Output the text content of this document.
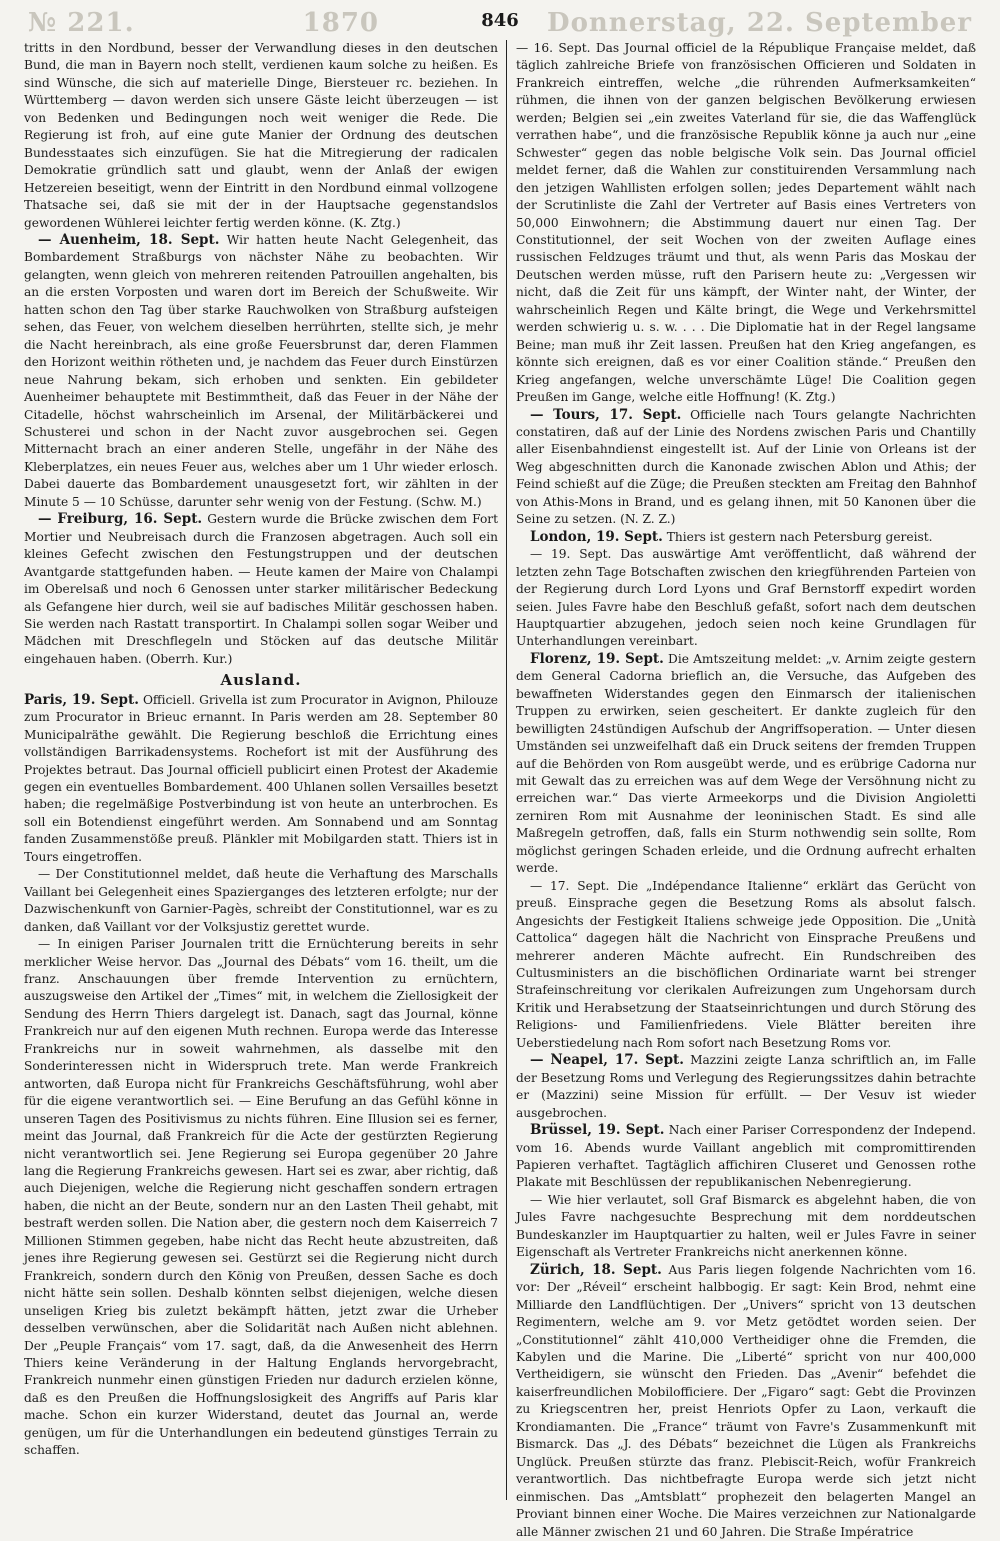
№ 221.	1870	Donnerstag, 22. September
846

tritts in den Nordbund, besser der Verwandlung dieses in den deutschen Bund, die man in Bayern noch stellt, verdienen kaum solche zu heißen. Es sind Wünsche, die sich auf materielle Dinge, Biersteuer rc. beziehen. In Württemberg — davon werden sich unsere Gäste leicht überzeugen — ist von Bedenken und Bedingungen noch weit weniger die Rede. Die Regierung ist froh, auf eine gute Manier der Ordnung des deutschen Bundesstaates sich einzufügen. Sie hat die Mitregierung der radicalen Demokratie gründlich satt und glaubt, wenn der Anlaß der ewigen Hetzereien beseitigt, wenn der Eintritt in den Nordbund einmal vollzogene Thatsache sei, daß sie mit der in der Hauptsache gegenstandslos gewordenen Wühlerei leichter fertig werden könne. (K. Ztg.)

— Auenheim, 18. Sept. Wir hatten heute Nacht Gelegenheit, das Bombardement Straßburgs von nächster Nähe zu beobachten. Wir gelangten, wenn gleich von mehreren reitenden Patrouillen angehalten, bis an die ersten Vorposten und waren dort im Bereich der Schußweite. Wir hatten schon den Tag über starke Rauchwolken von Straßburg aufsteigen sehen, das Feuer, von welchem dieselben herrührten, stellte sich, je mehr die Nacht hereinbrach, als eine große Feuersbrunst dar, deren Flammen den Horizont weithin rötheten und, je nachdem das Feuer durch Einstürzen neue Nahrung bekam, sich erhoben und senkten. Ein gebildeter Auenheimer behauptete mit Bestimmtheit, daß das Feuer in der Nähe der Citadelle, höchst wahrscheinlich im Arsenal, der Militärbäckerei und Schusterei und schon in der Nacht zuvor ausgebrochen sei. Gegen Mitternacht brach an einer anderen Stelle, ungefähr in der Nähe des Kleberplatzes, ein neues Feuer aus, welches aber um 1 Uhr wieder erlosch. Dabei dauerte das Bombardement unausgesetzt fort, wir zählten in der Minute 5 — 10 Schüsse, darunter sehr wenig von der Festung. (Schw. M.)

— Freiburg, 16. Sept. Gestern wurde die Brücke zwischen dem Fort Mortier und Neubreisach durch die Franzosen abgetragen. Auch soll ein kleines Gefecht zwischen den Festungstruppen und der deutschen Avantgarde stattgefunden haben. — Heute kamen der Maire von Chalampi im Oberelsaß und noch 6 Genossen unter starker militärischer Bedeckung als Gefangene hier durch, weil sie auf badisches Militär geschossen haben. Sie werden nach Rastatt transportirt. In Chalampi sollen sogar Weiber und Mädchen mit Dreschflegeln und Stöcken auf das deutsche Militär eingehauen haben. (Oberrh. Kur.)

Ausland.

Paris, 19. Sept. Officiell. Grivella ist zum Procurator in Avignon, Philouze zum Procurator in Brieuc ernannt. In Paris werden am 28. September 80 Municipalräthe gewählt. Die Regierung beschloß die Errichtung eines vollständigen Barrikadensystems. Rochefort ist mit der Ausführung des Projektes betraut. Das Journal officiell publicirt einen Protest der Akademie gegen ein eventuelles Bombardement. 400 Uhlanen sollen Versailles besetzt haben; die regelmäßige Postverbindung ist von heute an unterbrochen. Es soll ein Botendienst eingeführt werden. Am Sonnabend und am Sonntag fanden Zusammenstöße preuß. Plänkler mit Mobilgarden statt. Thiers ist in Tours eingetroffen.

— Der Constitutionnel meldet, daß heute die Verhaftung des Marschalls Vaillant bei Gelegenheit eines Spazierganges des letzteren erfolgte; nur der Dazwischenkunft von Garnier-Pagès, schreibt der Constitutionnel, war es zu danken, daß Vaillant vor der Volksjustiz gerettet wurde.

— In einigen Pariser Journalen tritt die Ernüchterung bereits in sehr merklicher Weise hervor. Das „Journal des Débats“ vom 16. theilt, um die franz. Anschauungen über fremde Intervention zu ernüchtern, auszugsweise den Artikel der „Times“ mit, in welchem die Ziellosigkeit der Sendung des Herrn Thiers dargelegt ist. Danach, sagt das Journal, könne Frankreich nur auf den eigenen Muth rechnen. Europa werde das Interesse Frankreichs nur in soweit wahrnehmen, als dasselbe mit den Sonderinteressen nicht in Widerspruch trete. Man werde Frankreich antworten, daß Europa nicht für Frankreichs Geschäftsführung, wohl aber für die eigene verantwortlich sei. — Eine Berufung an das Gefühl könne in unseren Tagen des Positivismus zu nichts führen. Eine Illusion sei es ferner, meint das Journal, daß Frankreich für die Acte der gestürzten Regierung nicht verantwortlich sei. Jene Regierung sei Europa gegenüber 20 Jahre lang die Regierung Frankreichs gewesen. Hart sei es zwar, aber richtig, daß auch Diejenigen, welche die Regierung nicht geschaffen sondern ertragen haben, die nicht an der Beute, sondern nur an den Lasten Theil gehabt, mit bestraft werden sollen. Die Nation aber, die gestern noch dem Kaiserreich 7 Millionen Stimmen gegeben, habe nicht das Recht heute abzustreiten, daß jenes ihre Regierung gewesen sei. Gestürzt sei die Regierung nicht durch Frankreich, sondern durch den König von Preußen, dessen Sache es doch nicht hätte sein sollen. Deshalb könnten selbst diejenigen, welche diesen unseligen Krieg bis zuletzt bekämpft hätten, jetzt zwar die Urheber desselben verwünschen, aber die Solidarität nach Außen nicht ablehnen. Der „Peuple Français“ vom 17. sagt, daß, da die Anwesenheit des Herrn Thiers keine Veränderung in der Haltung Englands hervorgebracht, Frankreich nunmehr einen günstigen Frieden nur dadurch erzielen könne, daß es den Preußen die Hoffnungslosigkeit des Angriffs auf Paris klar mache. Schon ein kurzer Widerstand, deutet das Journal an, werde genügen, um für die Unterhandlungen ein bedeutend günstiges Terrain zu schaffen.

— 16. Sept. Das Journal officiel de la République Française meldet, daß täglich zahlreiche Briefe von französischen Officieren und Soldaten in Frankreich eintreffen, welche „die rührenden Aufmerksamkeiten“ rühmen, die ihnen von der ganzen belgischen Bevölkerung erwiesen werden; Belgien sei „ein zweites Vaterland für sie, die das Waffenglück verrathen habe“, und die französische Republik könne ja auch nur „eine Schwester“ gegen das noble belgische Volk sein. Das Journal officiel meldet ferner, daß die Wahlen zur constituirenden Versammlung nach den jetzigen Wahllisten erfolgen sollen; jedes Departement wählt nach der Scrutinliste die Zahl der Vertreter auf Basis eines Vertreters von 50,000 Einwohnern; die Abstimmung dauert nur einen Tag. Der Constitutionnel, der seit Wochen von der zweiten Auflage eines russischen Feldzuges träumt und thut, als wenn Paris das Moskau der Deutschen werden müsse, ruft den Parisern heute zu: „Vergessen wir nicht, daß die Zeit für uns kämpft, der Winter naht, der Winter, der wahrscheinlich Regen und Kälte bringt, die Wege und Verkehrsmittel werden schwierig u. s. w. . . . Die Diplomatie hat in der Regel langsame Beine; man muß ihr Zeit lassen. Preußen hat den Krieg angefangen, es könnte sich ereignen, daß es vor einer Coalition stände.“ Preußen den Krieg angefangen, welche unverschämte Lüge! Die Coalition gegen Preußen im Gange, welche eitle Hoffnung! (K. Ztg.)

— Tours, 17. Sept. Officielle nach Tours gelangte Nachrichten constatiren, daß auf der Linie des Nordens zwischen Paris und Chantilly aller Eisenbahndienst eingestellt ist. Auf der Linie von Orleans ist der Weg abgeschnitten durch die Kanonade zwischen Ablon und Athis; der Feind schießt auf die Züge; die Preußen steckten am Freitag den Bahnhof von Athis-Mons in Brand, und es gelang ihnen, mit 50 Kanonen über die Seine zu setzen. (N. Z. Z.)

London, 19. Sept. Thiers ist gestern nach Petersburg gereist.

— 19. Sept. Das auswärtige Amt veröffentlicht, daß während der letzten zehn Tage Botschaften zwischen den kriegführenden Parteien von der Regierung durch Lord Lyons und Graf Bernstorff expedirt worden seien. Jules Favre habe den Beschluß gefaßt, sofort nach dem deutschen Hauptquartier abzugehen, jedoch seien noch keine Grundlagen für Unterhandlungen vereinbart.

Florenz, 19. Sept. Die Amtszeitung meldet: „v. Arnim zeigte gestern dem General Cadorna brieflich an, die Versuche, das Aufgeben des bewaffneten Widerstandes gegen den Einmarsch der italienischen Truppen zu erwirken, seien gescheitert. Er dankte zugleich für den bewilligten 24stündigen Aufschub der Angriffsoperation. — Unter diesen Umständen sei unzweifelhaft daß ein Druck seitens der fremden Truppen auf die Behörden von Rom ausgeübt werde, und es erübrige Cadorna nur mit Gewalt das zu erreichen was auf dem Wege der Versöhnung nicht zu erreichen war.“ Das vierte Armeekorps und die Division Angioletti zerniren Rom mit Ausnahme der leoninischen Stadt. Es sind alle Maßregeln getroffen, daß, falls ein Sturm nothwendig sein sollte, Rom möglichst geringen Schaden erleide, und die Ordnung aufrecht erhalten werde.

— 17. Sept. Die „Indépendance Italienne“ erklärt das Gerücht von preuß. Einsprache gegen die Besetzung Roms als absolut falsch. Angesichts der Festigkeit Italiens schweige jede Opposition. Die „Unità Cattolica“ dagegen hält die Nachricht von Einsprache Preußens und mehrerer anderen Mächte aufrecht. Ein Rundschreiben des Cultusministers an die bischöflichen Ordinariate warnt bei strenger Strafeinschreitung vor clerikalen Aufreizungen zum Ungehorsam durch Kritik und Herabsetzung der Staatseinrichtungen und durch Störung des Religions- und Familienfriedens. Viele Blätter bereiten ihre Ueberstiedelung nach Rom sofort nach Besetzung Roms vor.

— Neapel, 17. Sept. Mazzini zeigte Lanza schriftlich an, im Falle der Besetzung Roms und Verlegung des Regierungssitzes dahin betrachte er (Mazzini) seine Mission für erfüllt. — Der Vesuv ist wieder ausgebrochen.

Brüssel, 19. Sept. Nach einer Pariser Correspondenz der Independ. vom 16. Abends wurde Vaillant angeblich mit compromittirenden Papieren verhaftet. Tagtäglich affichiren Cluseret und Genossen rothe Plakate mit Beschlüssen der republikanischen Nebenregierung.

— Wie hier verlautet, soll Graf Bismarck es abgelehnt haben, die von Jules Favre nachgesuchte Besprechung mit dem norddeutschen Bundeskanzler im Hauptquartier zu halten, weil er Jules Favre in seiner Eigenschaft als Vertreter Frankreichs nicht anerkennen könne.

Zürich, 18. Sept. Aus Paris liegen folgende Nachrichten vom 16. vor: Der „Réveil“ erscheint halbbogig. Er sagt: Kein Brod, nehmt eine Milliarde den Landflüchtigen. Der „Univers“ spricht von 13 deutschen Regimentern, welche am 9. vor Metz getödtet worden seien. Der „Constitutionnel“ zählt 410,000 Vertheidiger ohne die Fremden, die Kabylen und die Marine. Die „Liberté“ spricht von nur 400,000 Vertheidigern, sie wünscht den Frieden. Das „Avenir“ befehdet die kaiserfreundlichen Mobilofficiere. Der „Figaro“ sagt: Gebt die Provinzen zu Kriegscentren her, preist Henriots Opfer zu Laon, verkauft die Krondiamanten. Die „France“ träumt von Favre's Zusammenkunft mit Bismarck. Das „J. des Débats“ bezeichnet die Lügen als Frankreichs Unglück. Preußen stürzte das franz. Plebiscit-Reich, wofür Frankreich verantwortlich. Das nichtbefragte Europa werde sich jetzt nicht einmischen. Das „Amtsblatt“ prophezeit den belagerten Mangel an Proviant binnen einer Woche. Die Maires verzeichnen zur Nationalgarde alle Männer zwischen 21 und 60 Jahren. Die Straße Impératrice
